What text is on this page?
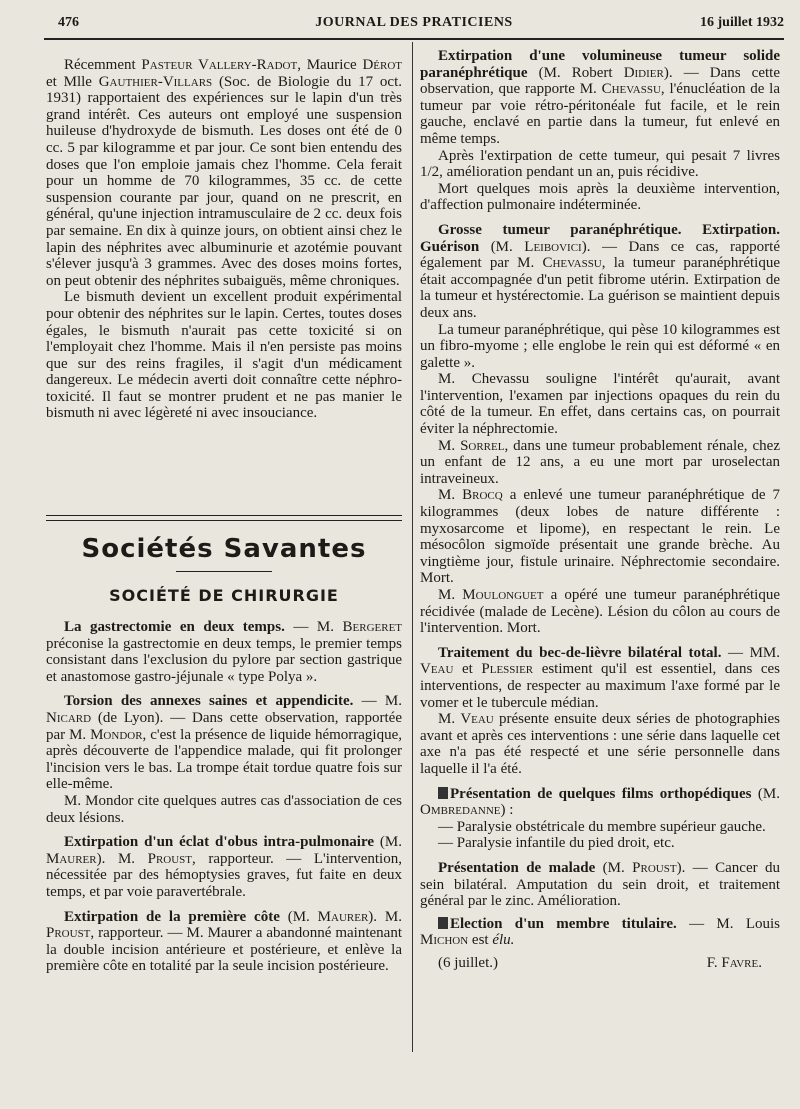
476	JOURNAL DES PRATICIENS	16 juillet 1932

Récemment Pasteur Vallery-Radot, Maurice Dérot et Mlle Gauthier-Villars (Soc. de Biologie du 17 oct. 1931) rapportaient des expériences sur le lapin d'un très grand intérêt. Ces auteurs ont employé une suspension huileuse d'hydroxyde de bismuth. Les doses ont été de 0 cc. 5 par kilogramme et par jour. Ce sont bien entendu des doses que l'on emploie jamais chez l'homme. Cela ferait pour un homme de 70 kilogrammes, 35 cc. de cette suspension courante par jour, quand on ne prescrit, en général, qu'une injection intramusculaire de 2 cc. deux fois par semaine. En dix à quinze jours, on obtient ainsi chez le lapin des néphrites avec albuminurie et azotémie pouvant s'élever jusqu'à 3 grammes. Avec des doses moins fortes, on peut obtenir des néphrites subaiguës, même chroniques.

Le bismuth devient un excellent produit expérimental pour obtenir des néphrites sur le lapin. Certes, toutes doses égales, le bismuth n'aurait pas cette toxicité si on l'employait chez l'homme. Mais il n'en persiste pas moins que sur des reins fragiles, il s'agit d'un médicament dangereux. Le médecin averti doit connaître cette néphro-toxicité. Il faut se montrer prudent et ne pas manier le bismuth ni avec légèreté ni avec insouciance.

Sociétés Savantes
SOCIÉTÉ DE CHIRURGIE

La gastrectomie en deux temps. — M. Bergeret préconise la gastrectomie en deux temps, le premier temps consistant dans l'exclusion du pylore par section gastrique et anastomose gastro-jéjunale « type Polya ».

Torsion des annexes saines et appendicite. — M. Nicard (de Lyon). — Dans cette observation, rapportée par M. Mondor, c'est la présence de liquide hémorragique, après découverte de l'appendice malade, qui fit prolonger l'incision vers le bas. La trompe était tordue quatre fois sur elle-même.

M. Mondor cite quelques autres cas d'association de ces deux lésions.

Extirpation d'un éclat d'obus intra-pulmonaire (M. Maurer). M. Proust, rapporteur. — L'intervention, nécessitée par des hémoptysies graves, fut faite en deux temps, et par voie paravertébrale.

Extirpation de la première côte (M. Maurer). M. Proust, rapporteur. — M. Maurer a abandonné maintenant la double incision antérieure et postérieure, et enlève la première côte en totalité par la seule incision postérieure.

Extirpation d'une volumineuse tumeur solide paranéphrétique (M. Robert Didier). — Dans cette observation, que rapporte M. Chevassu, l'énucléation de la tumeur par voie rétro-péritonéale fut facile, et le rein gauche, enclavé en partie dans la tumeur, fut enlevé en même temps.

Après l'extirpation de cette tumeur, qui pesait 7 livres 1/2, amélioration pendant un an, puis récidive.

Mort quelques mois après la deuxième intervention, d'affection pulmonaire indéterminée.

Grosse tumeur paranéphrétique. Extirpation. Guérison (M. Leibovici). — Dans ce cas, rapporté également par M. Chevassu, la tumeur paranéphrétique était accompagnée d'un petit fibrome utérin. Extirpation de la tumeur et hystérectomie. La guérison se maintient depuis deux ans.

La tumeur paranéphrétique, qui pèse 10 kilogrammes est un fibro-myome ; elle englobe le rein qui est déformé « en galette ».

M. Chevassu souligne l'intérêt qu'aurait, avant l'intervention, l'examen par injections opaques du rein du côté de la tumeur. En effet, dans certains cas, on pourrait éviter la néphrectomie.

M. Sorrel, dans une tumeur probablement rénale, chez un enfant de 12 ans, a eu une mort par uroselectan intraveineux.

M. Brocq a enlevé une tumeur paranéphrétique de 7 kilogrammes (deux lobes de nature différente : myxosarcome et lipome), en respectant le rein. Le mésocôlon sigmoïde présentait une grande brèche. Au vingtième jour, fistule urinaire. Néphrectomie secondaire. Mort.

M. Moulonguet a opéré une tumeur paranéphrétique récidivée (malade de Lecène). Lésion du côlon au cours de l'intervention. Mort.

Traitement du bec-de-lièvre bilatéral total. — MM. Veau et Plessier estiment qu'il est essentiel, dans ces interventions, de respecter au maximum l'axe formé par le vomer et le tubercule médian.

M. Veau présente ensuite deux séries de photographies avant et après ces interventions : une série dans laquelle cet axe n'a pas été respecté et une série personnelle dans laquelle il l'a été.

Présentation de quelques films orthopédiques (M. Ombredanne) :

— Paralysie obstétricale du membre supérieur gauche.

— Paralysie infantile du pied droit, etc.

Présentation de malade (M. Proust). — Cancer du sein bilatéral. Amputation du sein droit, et traitement général par le zinc. Amélioration.

Election d'un membre titulaire. — M. Louis Michon est élu.

(6 juillet.)	F. Favre.
